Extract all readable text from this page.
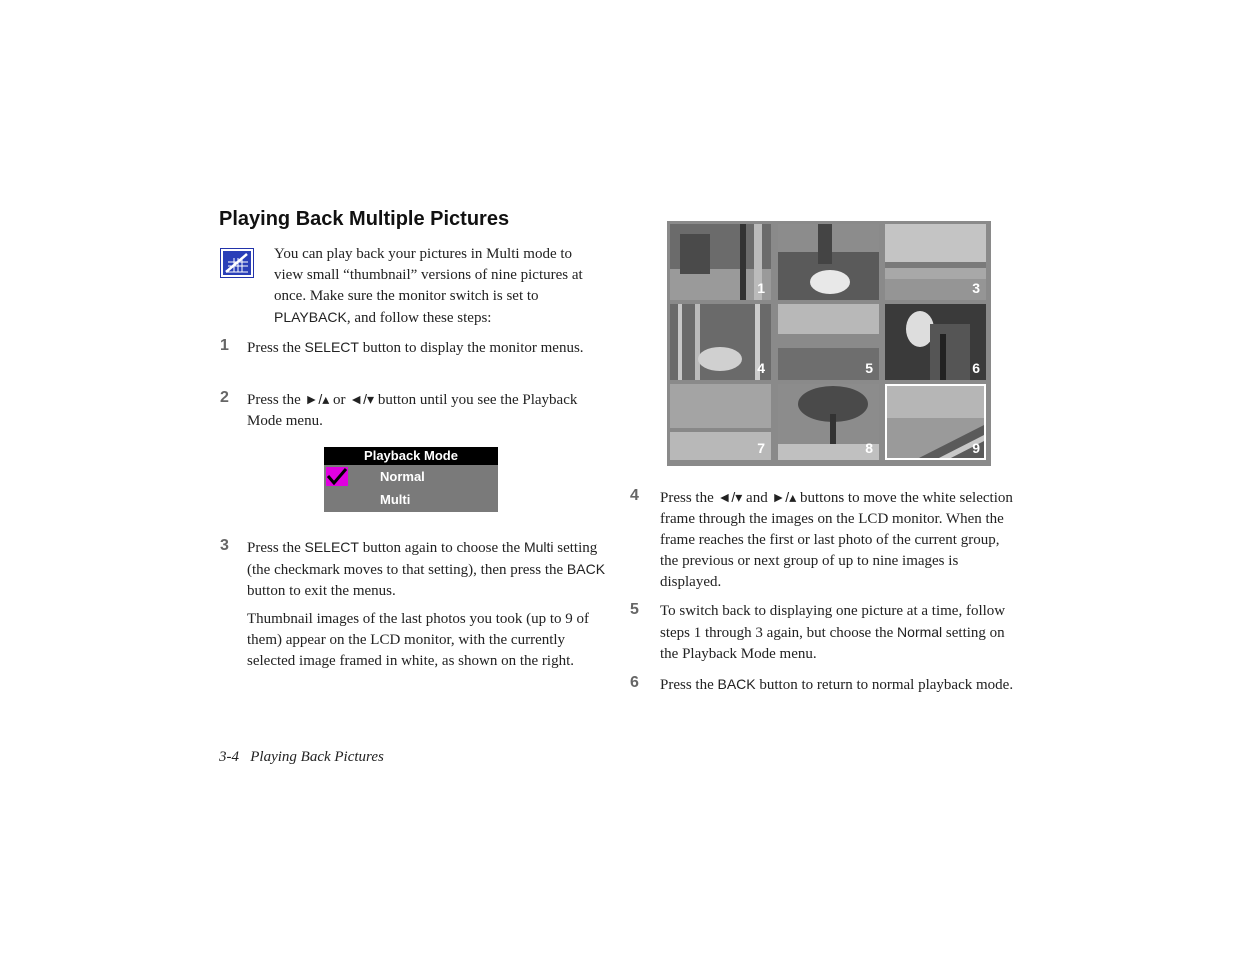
Playing Back Multiple Pictures

You can play back your pictures in Multi mode to view small “thumbnail” versions of nine pictures at once. Make sure the monitor switch is set to PLAYBACK, and follow these steps:

1 Press the SELECT button to display the monitor menus.

2 Press the ►/▴ or ◄/▾ button until you see the Playback Mode menu.

Playback Mode
Normal
Multi
3 Press the SELECT button again to choose the Multi setting (the checkmark moves to that setting), then press the BACK button to exit the menus.

Thumbnail images of the last photos you took (up to 9 of them) appear on the LCD monitor, with the currently selected image framed in white, as shown on the right.

1	3
4	5	6
7	8	9
4 Press the ◄/▾ and ►/▴ buttons to move the white selection frame through the images on the LCD monitor. When the frame reaches the first or last photo of the current group, the previous or next group of up to nine images is displayed.

5 To switch back to displaying one picture at a time, follow steps 1 through 3 again, but choose the Normal setting on the Playback Mode menu.

6 Press the BACK button to return to normal playback mode.

3-4   Playing Back Pictures
